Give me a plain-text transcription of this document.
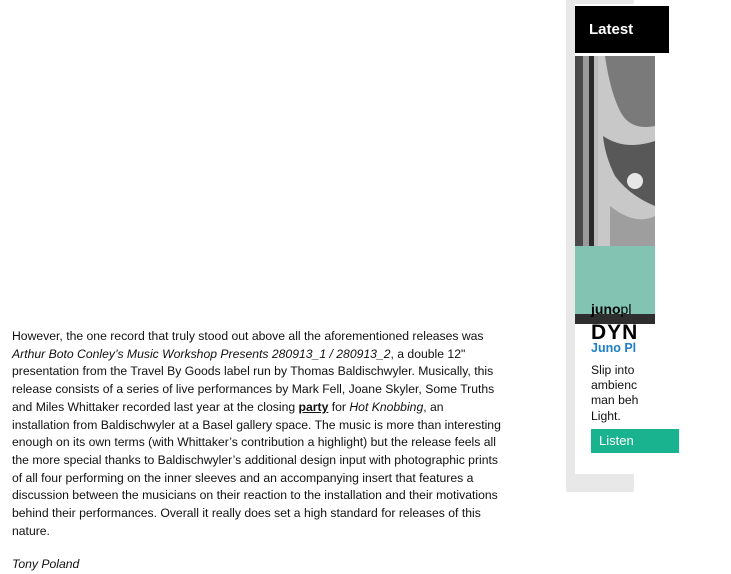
However, the one record that truly stood out above all the aforementioned releases was Arthur Boto Conley’s Music Workshop Presents 280913_1 / 280913_2, a double 12" presentation from the Travel By Goods label run by Thomas Baldischwyler. Musically, this release consists of a series of live performances by Mark Fell, Joane Skyler, Some Truths and Miles Whittaker recorded last year at the closing party for Hot Knobbing, an installation from Baldischwyler at a Basel gallery space. The music is more than interesting enough on its own terms (with Whittaker’s contribution a highlight) but the release feels all the more special thanks to Baldischwyler’s additional design input with photographic prints of all four performing on the inner sleeves and an accompanying insert that features a discussion between the musicians on their reaction to the installation and their motivations behind their performances. Overall it really does set a high standard for releases of this nature.

Tony Poland

Latest
junopl
DYN
Juno Pl
Slip into
ambienc
man beh
Light.
Listen
